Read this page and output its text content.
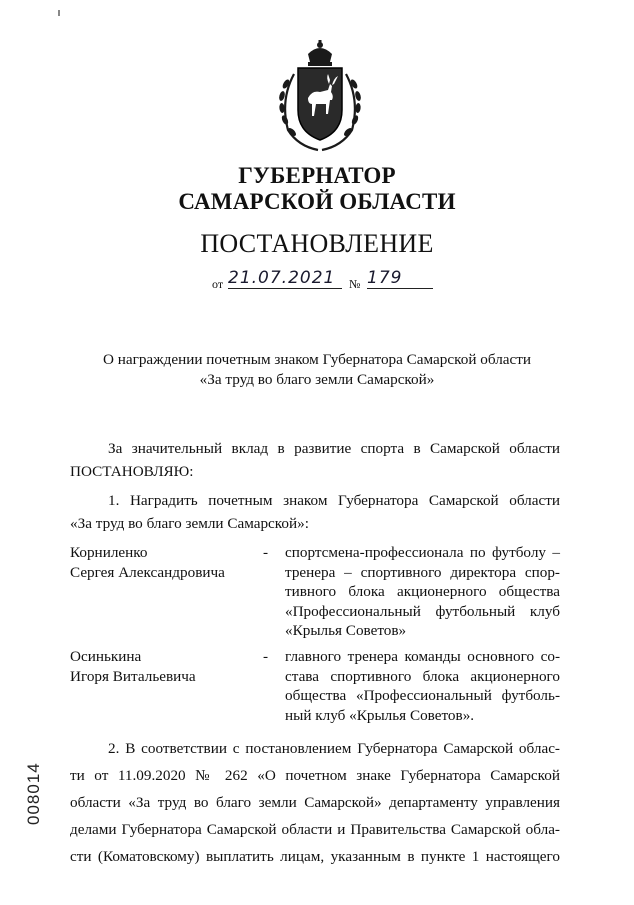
ГУБЕРНАТОР
САМАРСКОЙ ОБЛАСТИ
ПОСТАНОВЛЕНИЕ
от 21.07.2021	№ 179
О награждении почетным знаком Губернатора Самарской области
«За труд во благо земли Самарской»
За значительный вклад в развитие спорта в Самарской области
ПОСТАНОВЛЯЮ:
1. Наградить почетным знаком Губернатора Самарской области
«За труд во благо земли Самарской»:
Корниленко
Сергея Александровича
-	спортсмена-профессионала по футболу –
тренера – спортивного директора спор-
тивного блока акционерного общества
«Профессиональный футбольный клуб
«Крылья Советов»
Осинькина
Игоря Витальевича
-	главного тренера команды основного со-
става спортивного блока акционерного
общества «Профессиональный футболь-
ный клуб «Крылья Советов».
2. В соответствии с постановлением Губернатора Самарской облас-
ти от 11.09.2020 № 262 «О почетном знаке Губернатора Самарской
области «За труд во благо земли Самарской» департаменту управления
делами Губернатора Самарской области и Правительства Самарской обла-
сти (Коматовскому) выплатить лицам, указанным в пункте 1 настоящего
008014
